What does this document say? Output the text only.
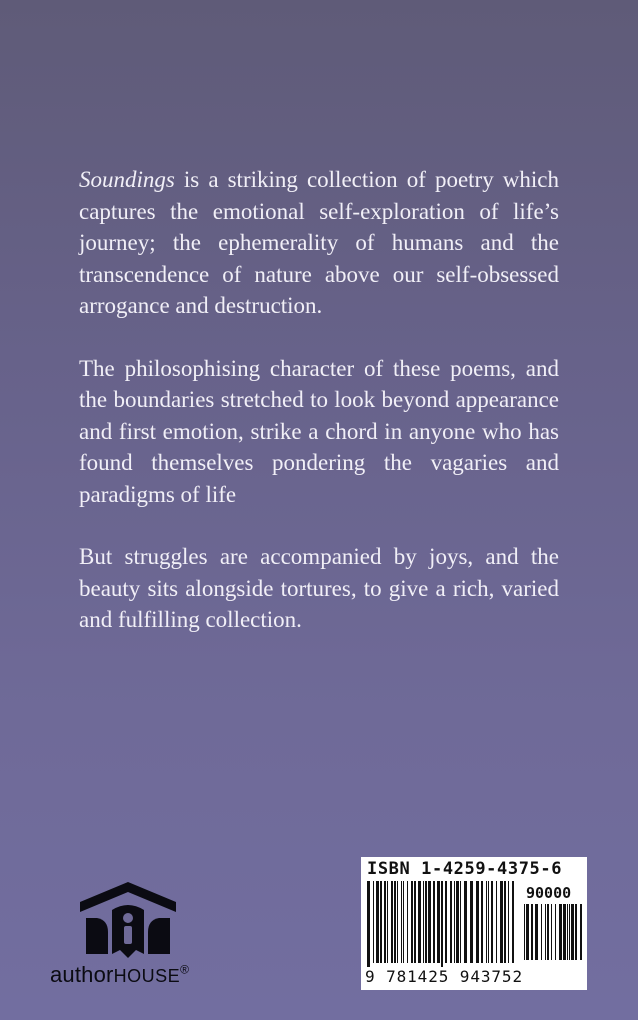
Soundings is a striking collection of poetry which captures the emotional self-exploration of life’s journey; the ephemerality of humans and the transcendence of nature above our self-obsessed arrogance and destruction.

The philosophising character of these poems, and the boundaries stretched to look beyond appearance and first emotion, strike a chord in anyone who has found themselves pondering the vagaries and paradigms of life

But struggles are accompanied by joys, and the beauty sits alongside tortures, to give a rich, varied and fulfilling collection.

authorHOUSE®
ISBN 1-4259-4375-6
90000
9 781425 943752
